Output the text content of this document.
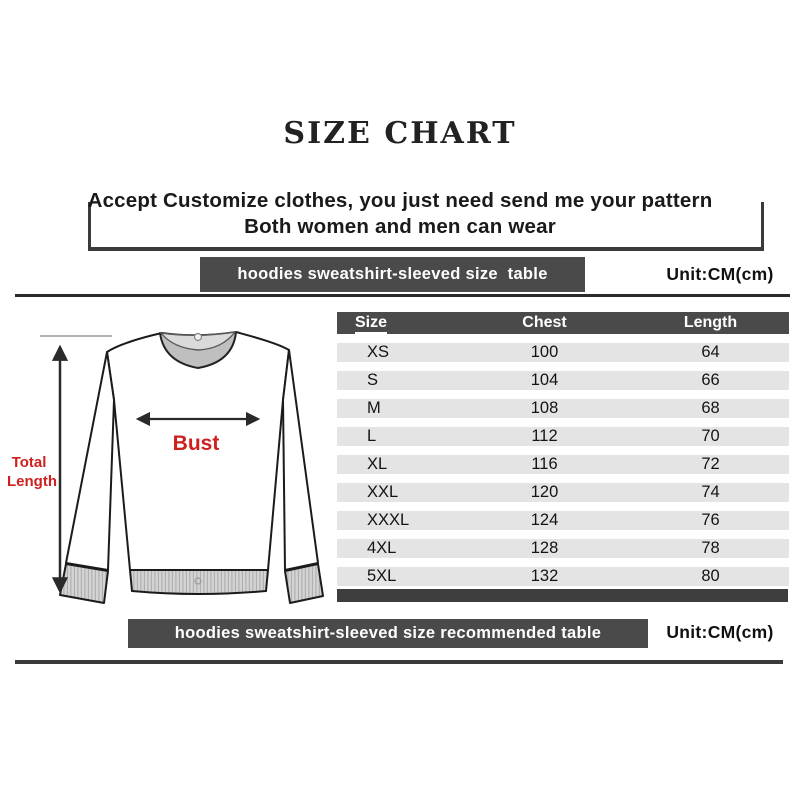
SIZE CHART
Accept Customize clothes, you just need send me your pattern
Both women and men can wear
hoodies sweatshirt-sleeved size  table	Unit:CM(cm)
Total
Length
Bust
Size	Chest	Length
XS	100	64
S	104	66
M	108	68
L	112	70
XL	116	72
XXL	120	74
XXXL	124	76
4XL	128	78
5XL	132	80
hoodies sweatshirt-sleeved size recommended table	Unit:CM(cm)
